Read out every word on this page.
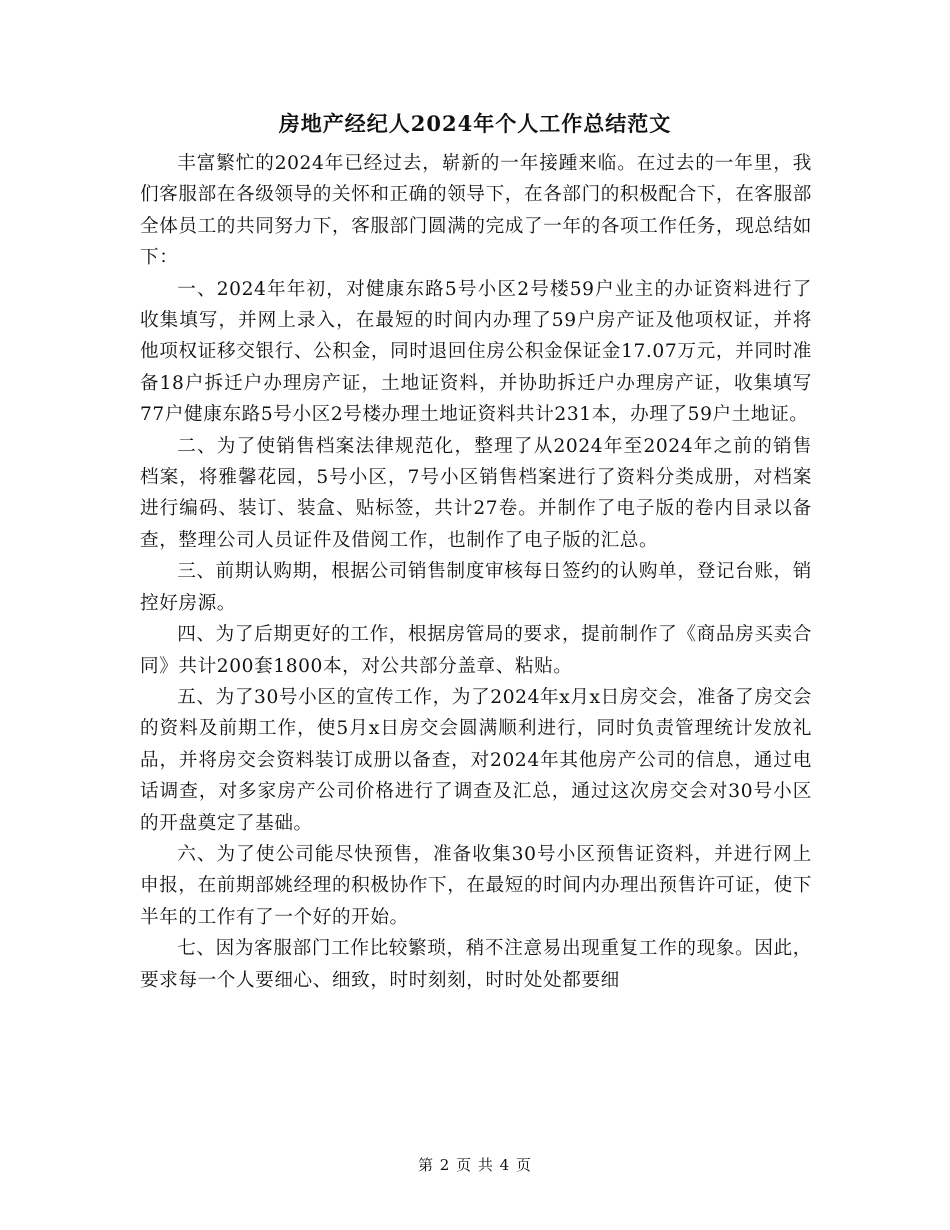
房地产经纪人2024年个人工作总结范文

丰富繁忙的2024年已经过去，崭新的一年接踵来临。在过去的一年里，我们客服部在各级领导的关怀和正确的领导下，在各部门的积极配合下，在客服部全体员工的共同努力下，客服部门圆满的完成了一年的各项工作任务，现总结如下：

一、2024年年初，对健康东路5号小区2号楼59户业主的办证资料进行了收集填写，并网上录入，在最短的时间内办理了59户房产证及他项权证，并将他项权证移交银行、公积金，同时退回住房公积金保证金17.07万元，并同时准备18户拆迁户办理房产证，土地证资料，并协助拆迁户办理房产证，收集填写77户健康东路5号小区2号楼办理土地证资料共计231本，办理了59户土地证。

二、为了使销售档案法律规范化，整理了从2024年至2024年之前的销售档案，将雅馨花园，5号小区，7号小区销售档案进行了资料分类成册，对档案进行编码、装订、装盒、贴标签，共计27卷。并制作了电子版的卷内目录以备查，整理公司人员证件及借阅工作，也制作了电子版的汇总。

三、前期认购期，根据公司销售制度审核每日签约的认购单，登记台账，销控好房源。

四、为了后期更好的工作，根据房管局的要求，提前制作了《商品房买卖合同》共计200套1800本，对公共部分盖章、粘贴。

五、为了30号小区的宣传工作，为了2024年x月x日房交会，准备了房交会的资料及前期工作，使5月x日房交会圆满顺利进行，同时负责管理统计发放礼品，并将房交会资料装订成册以备查，对2024年其他房产公司的信息，通过电话调查，对多家房产公司价格进行了调查及汇总，通过这次房交会对30号小区的开盘奠定了基础。

六、为了使公司能尽快预售，准备收集30号小区预售证资料，并进行网上申报，在前期部姚经理的积极协作下，在最短的时间内办理出预售许可证，使下半年的工作有了一个好的开始。

七、因为客服部门工作比较繁琐，稍不注意易出现重复工作的现象。因此，要求每一个人要细心、细致，时时刻刻，时时处处都要细

第 2 页 共 4 页
